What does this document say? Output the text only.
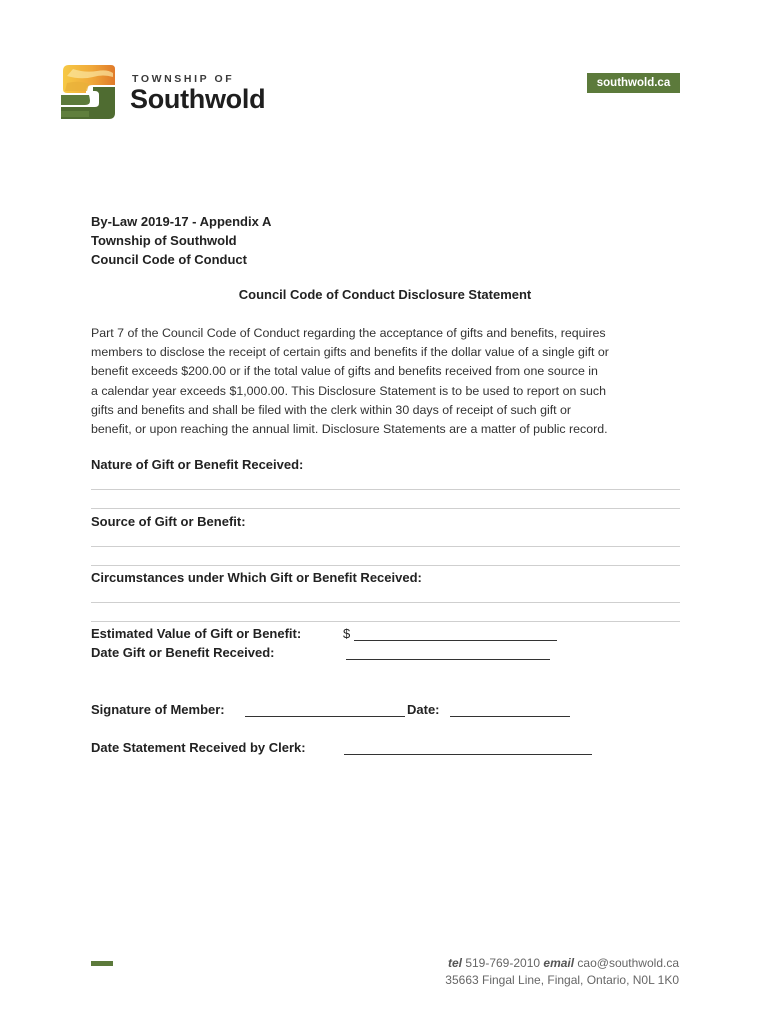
TOWNSHIP OF
Southwold
southwold.ca
By-Law 2019-17 - Appendix A
Township of Southwold
Council Code of Conduct
Council Code of Conduct Disclosure Statement
Part 7 of the Council Code of Conduct regarding the acceptance of gifts and benefits, requires
members to disclose the receipt of certain gifts and benefits if the dollar value of a single gift or
benefit exceeds $200.00 or if the total value of gifts and benefits received from one source in
a calendar year exceeds $1,000.00. This Disclosure Statement is to be used to report on such
gifts and benefits and shall be filed with the clerk within 30 days of receipt of such gift or
benefit, or upon reaching the annual limit. Disclosure Statements are a matter of public record.
Nature of Gift or Benefit Received:
Source of Gift or Benefit:
Circumstances under Which Gift or Benefit Received:
Estimated Value of Gift or Benefit:	$
Date Gift or Benefit Received:
Signature of Member:	Date:
Date Statement Received by Clerk:
tel 519-769-2010 email cao@southwold.ca
35663 Fingal Line, Fingal, Ontario, N0L 1K0
